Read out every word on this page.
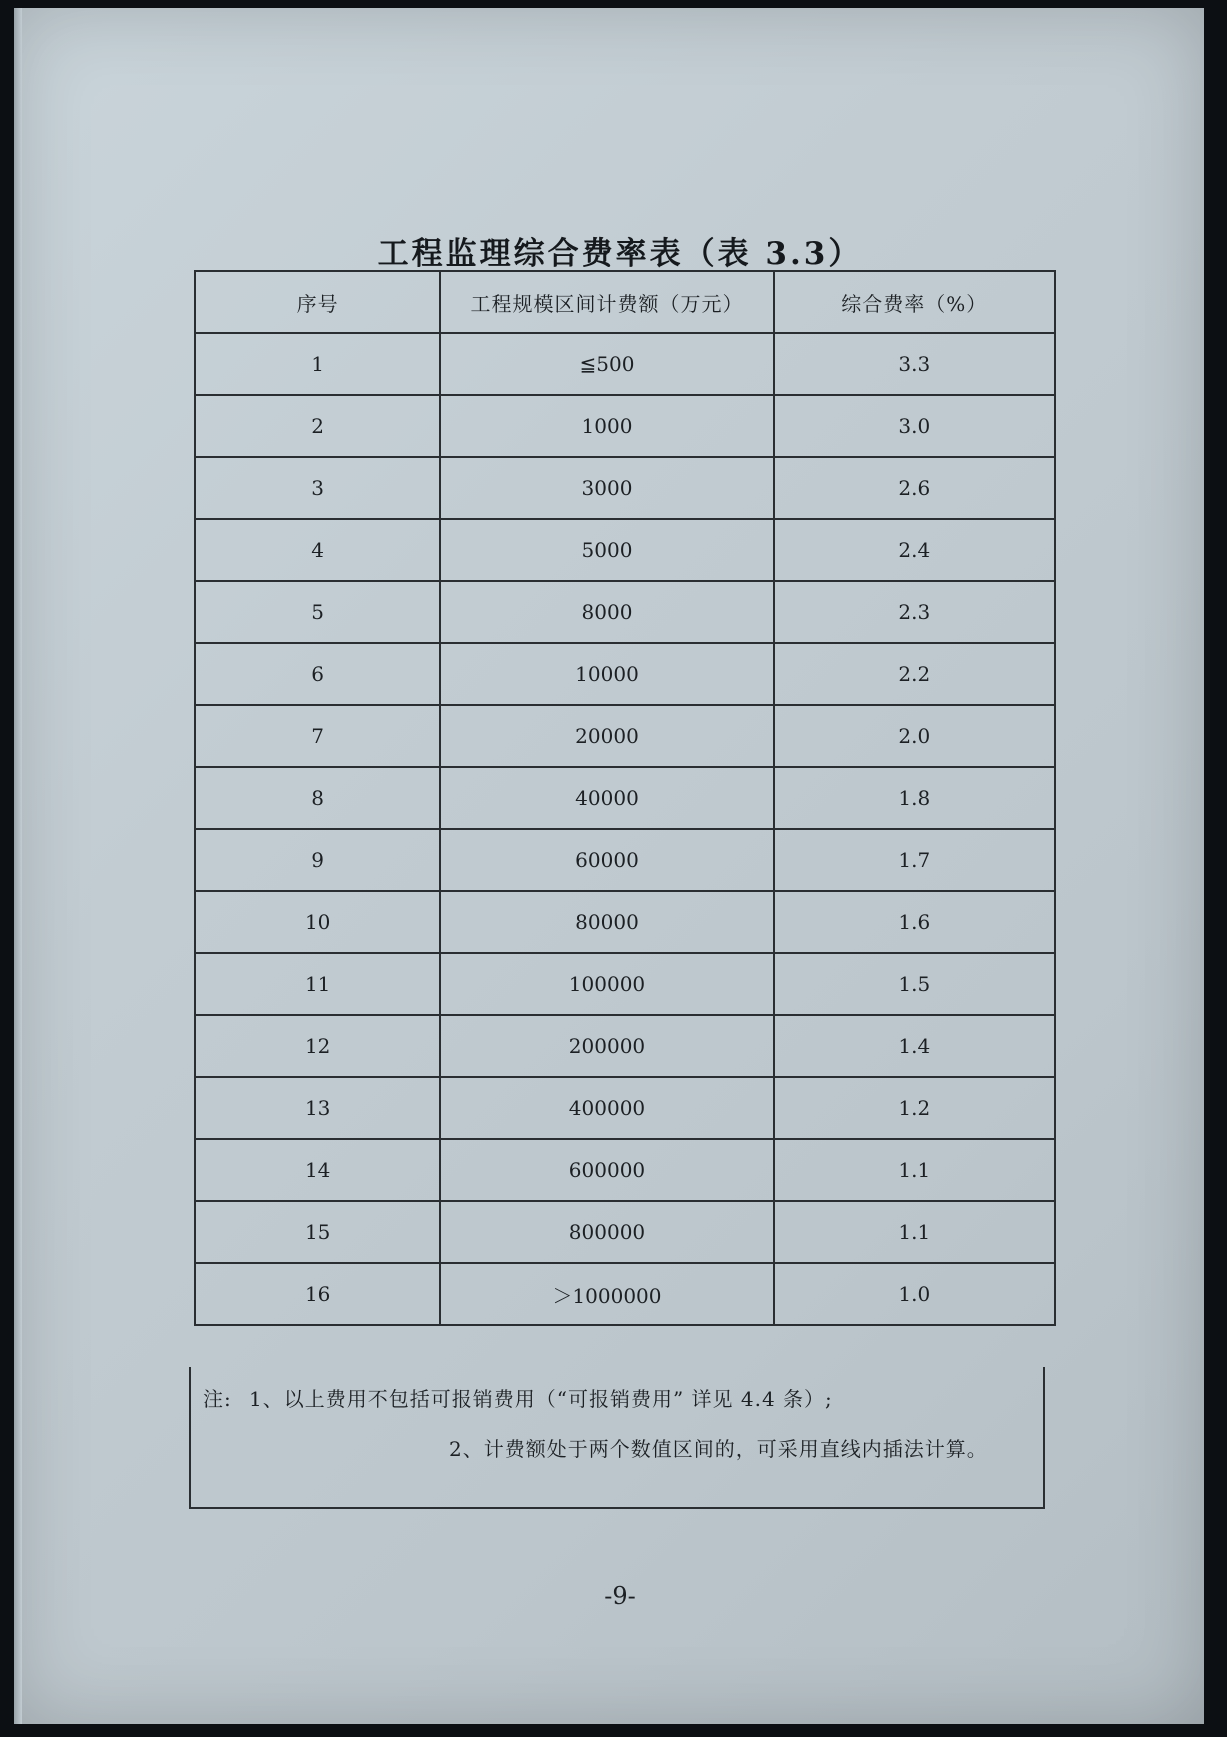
工程监理综合费率表（表 3.3）
序号	工程规模区间计费额（万元）	综合费率（%）
1	≦500	3.3
2	1000	3.0
3	3000	2.6
4	5000	2.4
5	8000	2.3
6	10000	2.2
7	20000	2.0
8	40000	1.8
9	60000	1.7
10	80000	1.6
11	100000	1.5
12	200000	1.4
13	400000	1.2
14	600000	1.1
15	800000	1.1
16	＞1000000	1.0
注: 1、以上费用不包括可报销费用（“可报销费用” 详见 4.4 条）;
2、计费额处于两个数值区间的，可采用直线内插法计算。
-9-
